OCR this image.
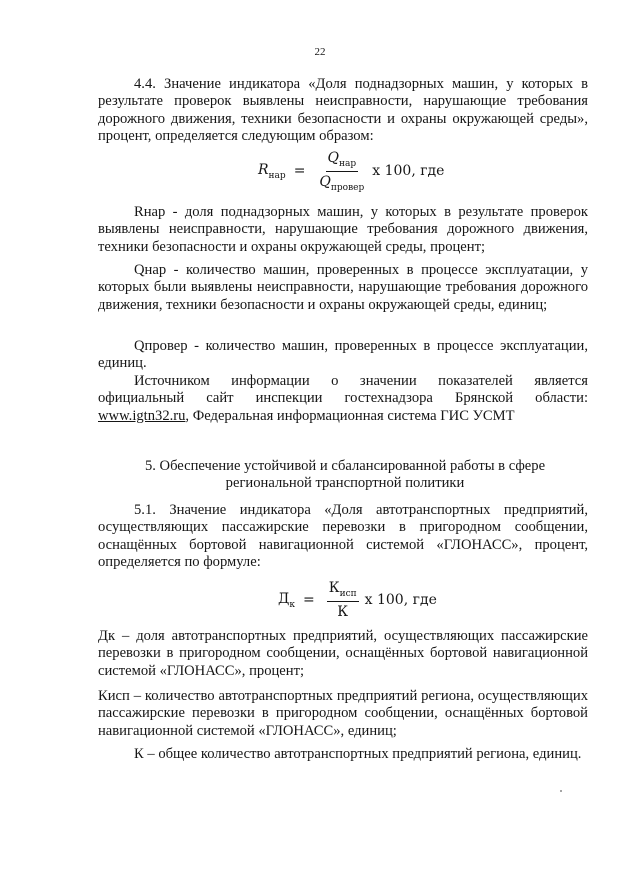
22

4.4. Значение индикатора «Доля поднадзорных машин, у которых в результате проверок выявлены неисправности, нарушающие требования дорожного движения, техники безопасности и охраны окружающей среды», процент, определяется следующим образом:

$R_{нар} = \frac{Q_{нар}}{Q_{провер}}$ х 100, где

Rнар - доля поднадзорных машин, у которых в результате проверок выявлены неисправности, нарушающие требования дорожного движения, техники безопасности и охраны окружающей среды, процент;

Qнар - количество машин, проверенных в процессе эксплуатации, у которых были выявлены неисправности, нарушающие требования дорожного движения, техники безопасности и охраны окружающей среды, единиц;

Qпровер - количество машин, проверенных в процессе эксплуатации, единиц.

Источником информации о значении показателей является официальный сайт инспекции гостехнадзора Брянской области: www.igtn32.ru, Федеральная информационная система ГИС УСМТ

5. Обеспечение устойчивой и сбалансированной работы в сфере
региональной транспортной политики

5.1. Значение индикатора «Доля автотранспортных предприятий, осуществляющих пассажирские перевозки в пригородном сообщении, оснащённых бортовой навигационной системой «ГЛОНАСС», процент, определяется по формуле:

$Д_к = \frac{К_{исп}}{К}$ х 100, где

Дк – доля автотранспортных предприятий, осуществляющих пассажирские перевозки в пригородном сообщении, оснащённых бортовой навигационной системой «ГЛОНАСС», процент;

Кисп – количество автотранспортных предприятий региона, осуществляющих пассажирские перевозки в пригородном сообщении, оснащённых бортовой навигационной системой «ГЛОНАСС», единиц;

К – общее количество автотранспортных предприятий региона, единиц.
